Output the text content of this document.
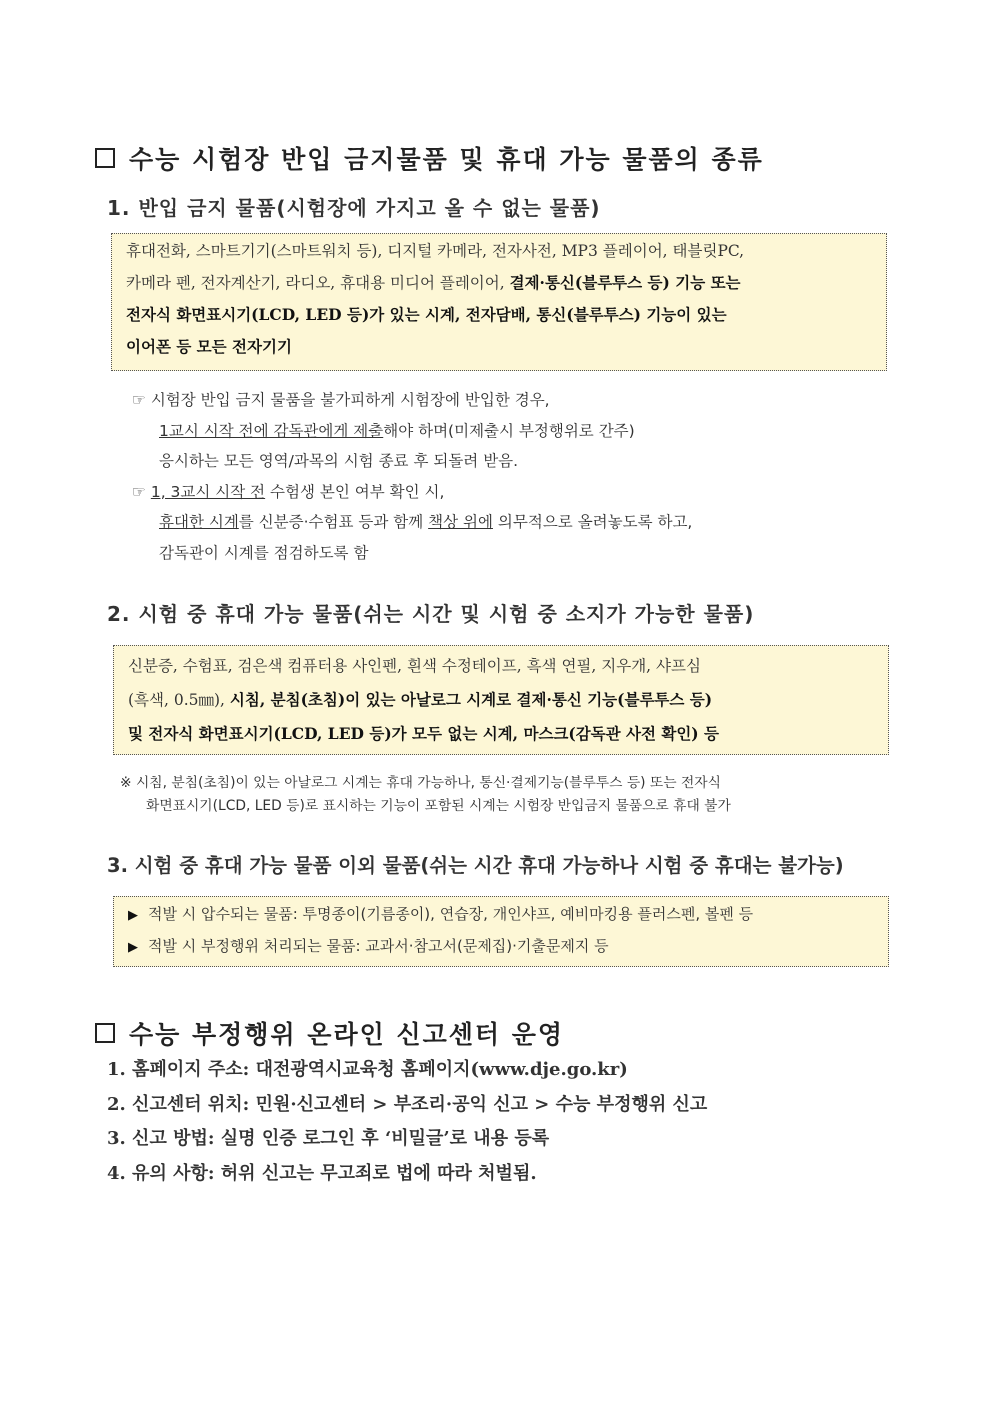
수능 시험장 반입 금지물품 및 휴대 가능 물품의 종류
1. 반입 금지 물품(시험장에 가지고 올 수 없는 물품)
휴대전화, 스마트기기(스마트워치 등), 디지털 카메라, 전자사전, MP3 플레이어, 태블릿PC,
카메라 펜, 전자계산기, 라디오, 휴대용 미디어 플레이어, 결제·통신(블루투스 등) 기능 또는
전자식 화면표시기(LCD, LED 등)가 있는 시계, 전자담배, 통신(블루투스) 기능이 있는
이어폰 등 모든 전자기기
☞ 시험장 반입 금지 물품을 불가피하게 시험장에 반입한 경우,
1교시 시작 전에 감독관에게 제출해야 하며(미제출시 부정행위로 간주)
응시하는 모든 영역/과목의 시험 종료 후 되돌려 받음.
☞ 1, 3교시 시작 전 수험생 본인 여부 확인 시,
휴대한 시계를 신분증·수험표 등과 함께 책상 위에 의무적으로 올려놓도록 하고,
감독관이 시계를 점검하도록 함
2. 시험 중 휴대 가능 물품(쉬는 시간 및 시험 중 소지가 가능한 물품)
신분증, 수험표, 검은색 컴퓨터용 사인펜, 흰색 수정테이프, 흑색 연필, 지우개, 샤프심
(흑색, 0.5㎜), 시침, 분침(초침)이 있는 아날로그 시계로 결제·통신 기능(블루투스 등)
및 전자식 화면표시기(LCD, LED 등)가 모두 없는 시계, 마스크(감독관 사전 확인) 등
※ 시침, 분침(초침)이 있는 아날로그 시계는 휴대 가능하나, 통신·결제기능(블루투스 등) 또는 전자식
화면표시기(LCD, LED 등)로 표시하는 기능이 포함된 시계는 시험장 반입금지 물품으로 휴대 불가
3. 시험 중 휴대 가능 물품 이외 물품(쉬는 시간 휴대 가능하나 시험 중 휴대는 불가능)
▶ 적발 시 압수되는 물품: 투명종이(기름종이), 연습장, 개인샤프, 예비마킹용 플러스펜, 볼펜 등
▶ 적발 시 부정행위 처리되는 물품: 교과서·참고서(문제집)·기출문제지 등
수능 부정행위 온라인 신고센터 운영
1. 홈페이지 주소: 대전광역시교육청 홈페이지(www.dje.go.kr)
2. 신고센터 위치: 민원·신고센터 > 부조리·공익 신고 > 수능 부정행위 신고
3. 신고 방법: 실명 인증 로그인 후 ‘비밀글’로 내용 등록
4. 유의 사항: 허위 신고는 무고죄로 법에 따라 처벌됨.
